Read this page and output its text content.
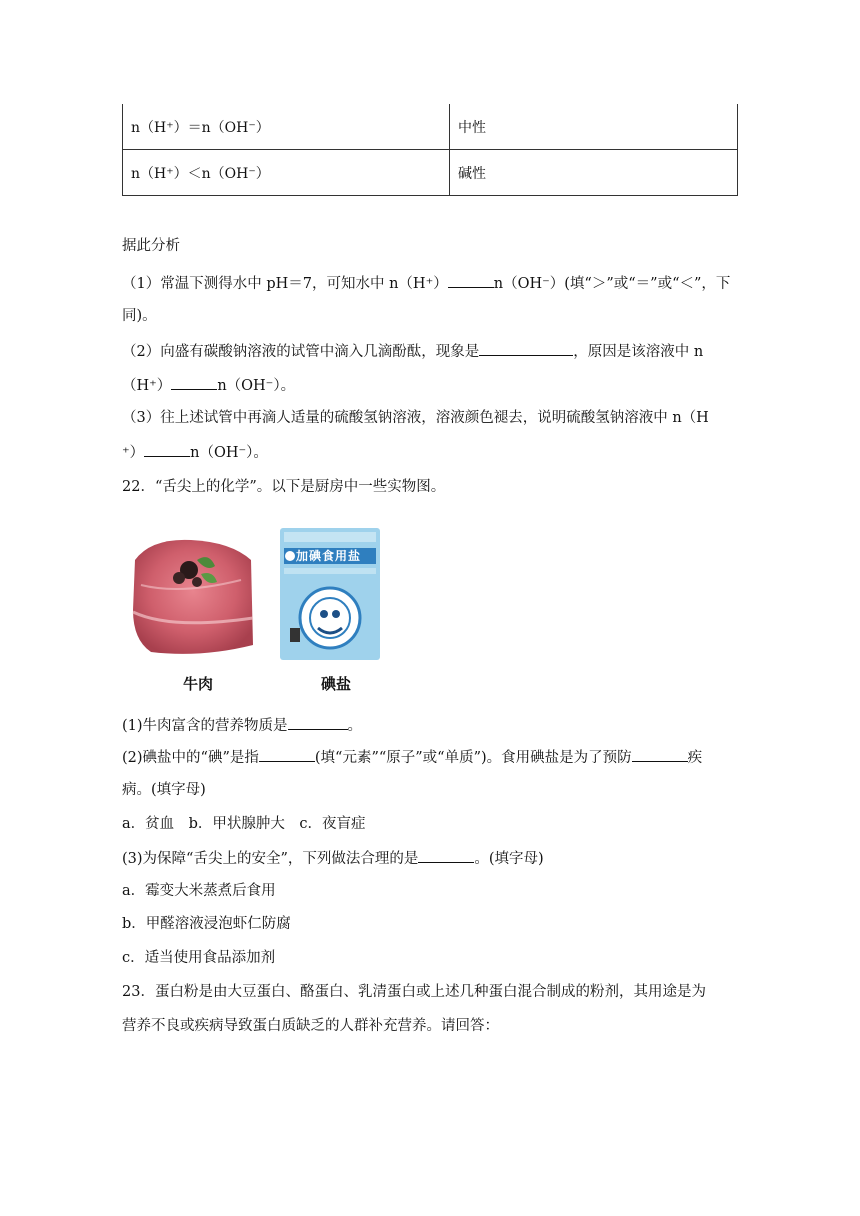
n（H⁺）＝n（OH⁻）	中性
n（H⁺）＜n（OH⁻）	碱性
据此分析
（1）常温下测得水中 pH＝7，可知水中 n（H⁺）	n（OH⁻）(填“＞”或“＝”或“＜”，下
同)。
（2）向盛有碳酸钠溶液的试管中滴入几滴酚酞，现象是	，原因是该溶液中 n
（H⁺）	n（OH⁻）。
（3）往上述试管中再滴人适量的硫酸氢钠溶液，溶液颜色褪去，说明硫酸氢钠溶液中 n（H
⁺）	n（OH⁻）。
22．“舌尖上的化学”。以下是厨房中一些实物图。
加碘食用盐
牛肉	碘盐
(1)牛肉富含的营养物质是	。
(2)碘盐中的“碘”是指	(填“元素”“原子”或“单质”)。食用碘盐是为了预防	疾
病。(填字母)
a．贫血　b．甲状腺肿大　c．夜盲症
(3)为保障“舌尖上的安全”，下列做法合理的是	。(填字母)
a．霉变大米蒸煮后食用
b．甲醛溶液浸泡虾仁防腐
c．适当使用食品添加剂
23．蛋白粉是由大豆蛋白、酪蛋白、乳清蛋白或上述几种蛋白混合制成的粉剂，其用途是为
营养不良或疾病导致蛋白质缺乏的人群补充营养。请回答：
